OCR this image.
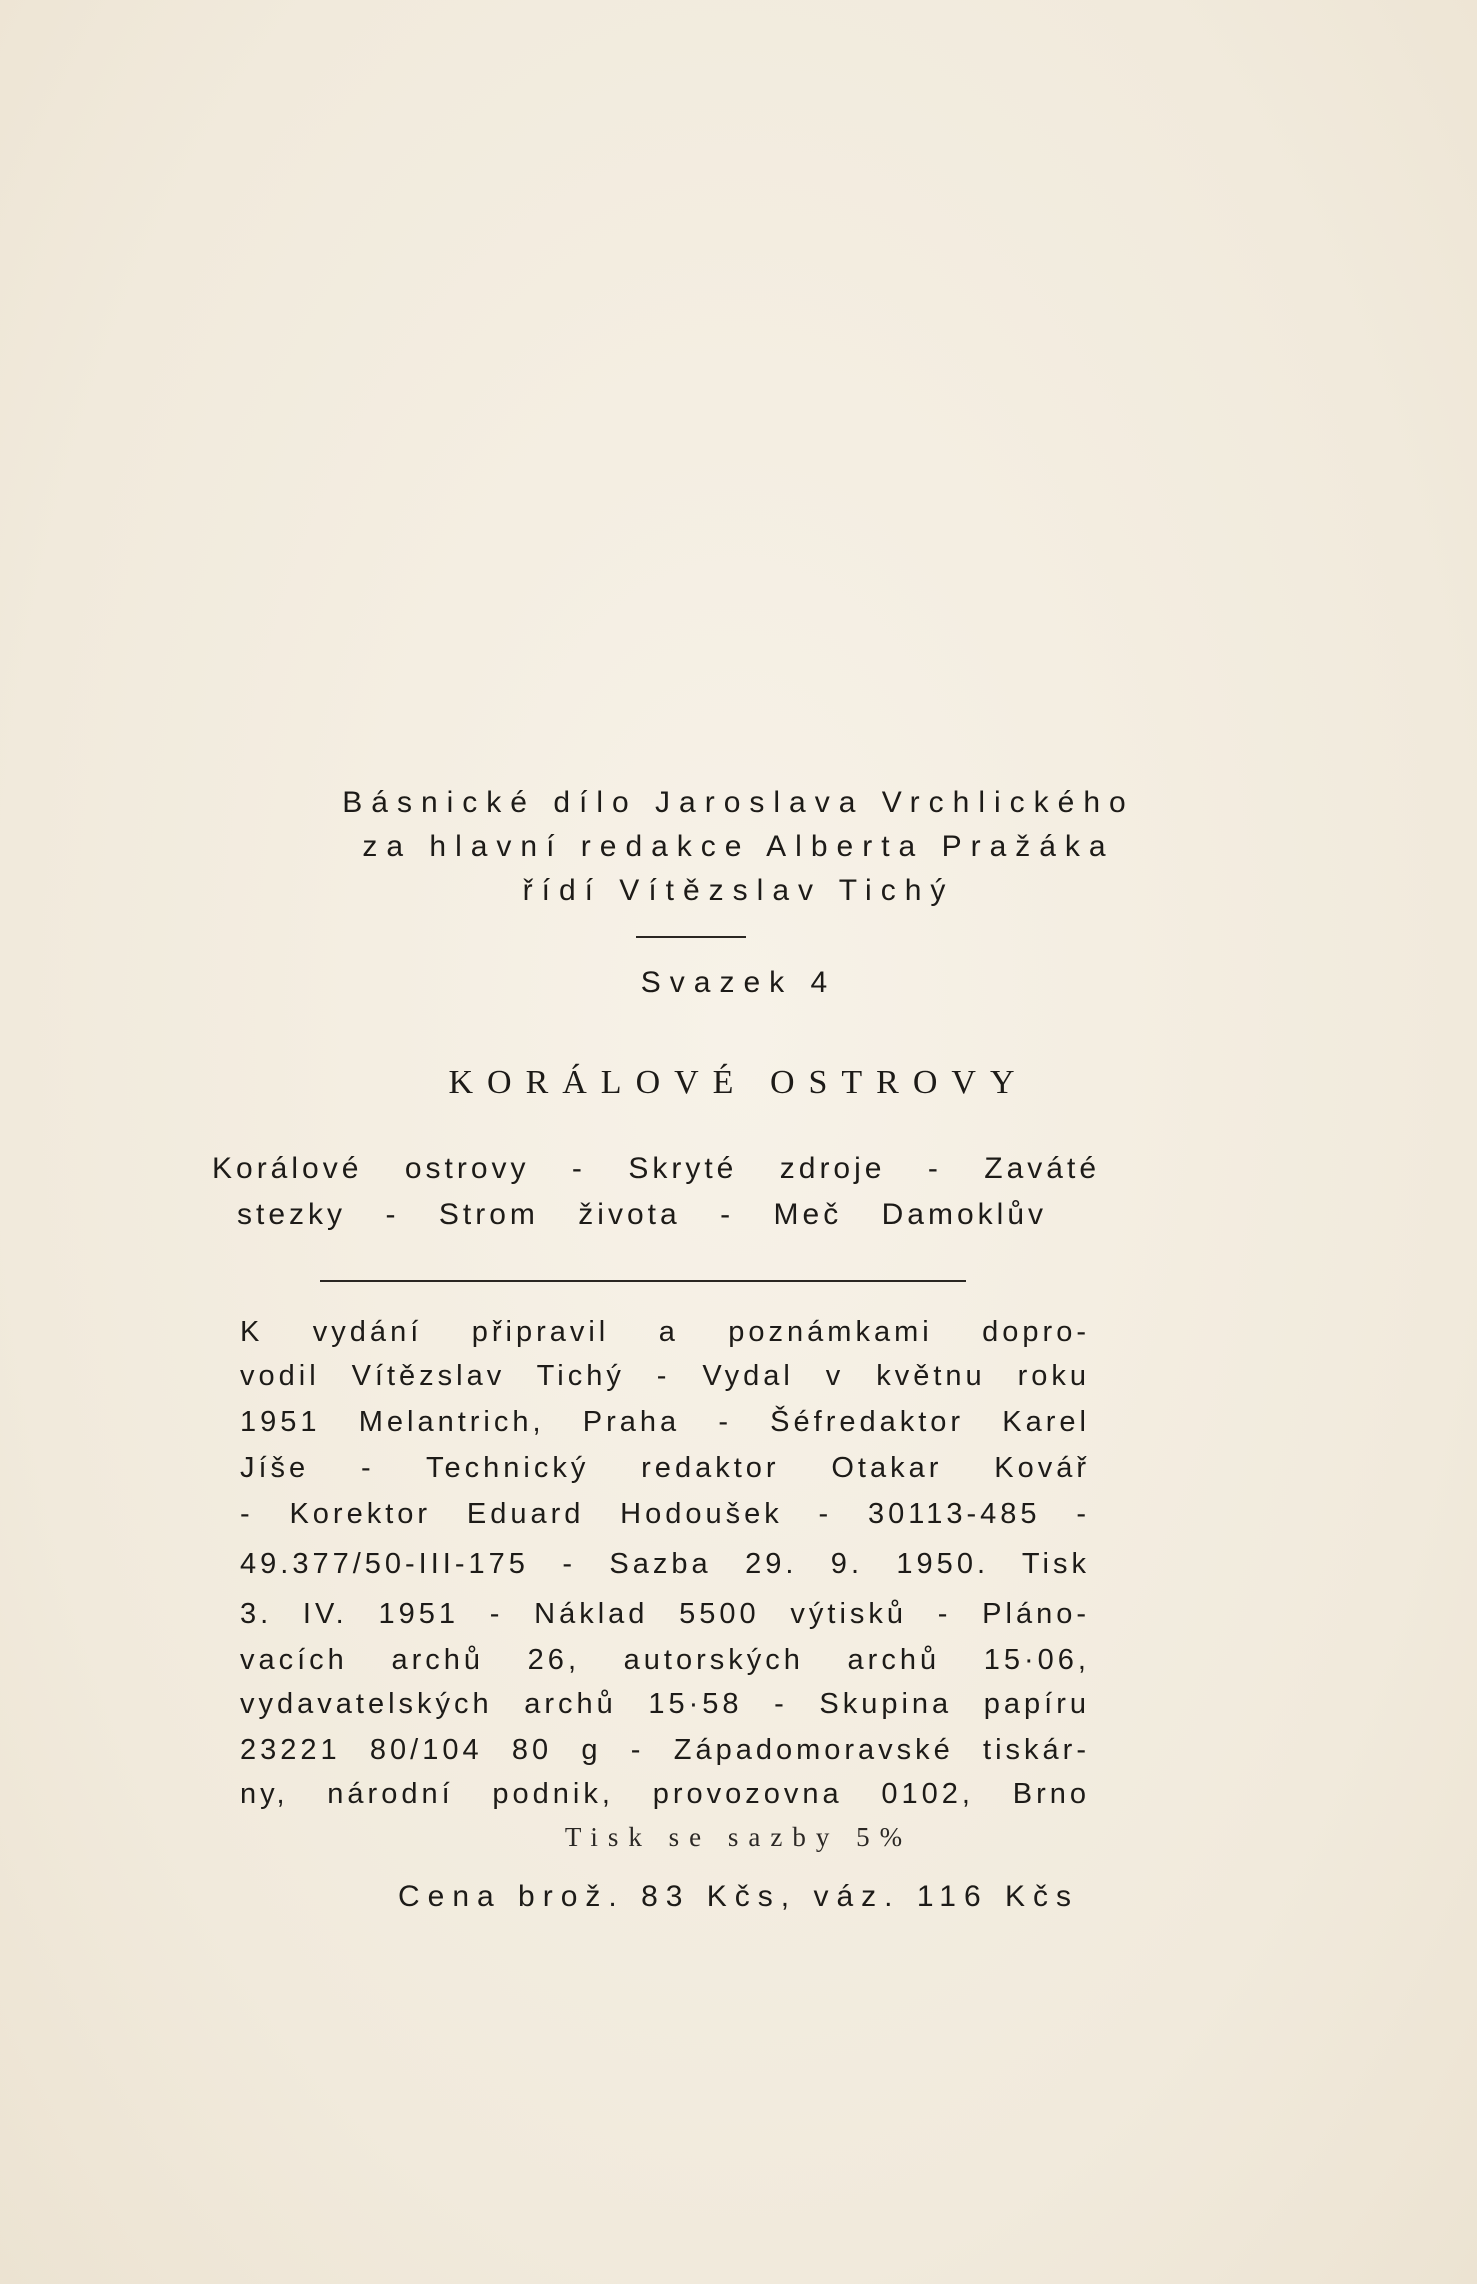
Básnické dílo Jaroslava Vrchlického
za hlavní redakce Alberta Pražáka
řídí Vítězslav Tichý
Svazek 4
KORÁLOVÉ OSTROVY
Korálové ostrovy - Skryté zdroje - Zaváté
stezky - Strom života - Meč Damoklův
K vydání připravil a poznámkami dopro-
vodil Vítězslav Tichý - Vydal v květnu roku
1951 Melantrich, Praha - Šéfredaktor Karel
Jíše - Technický redaktor Otakar Kovář
- Korektor Eduard Hodoušek - 30113-485 -
49.377/50-III-175 - Sazba 29. 9. 1950. Tisk
3. IV. 1951 - Náklad 5500 výtisků - Pláno-
vacích archů 26, autorských archů 15·06,
vydavatelských archů 15·58 - Skupina papíru
23221 80/104 80 g - Západomoravské tiskár-
ny, národní podnik, provozovna 0102, Brno
Tisk se sazby 5%
Cena brož. 83 Kčs, váz. 116 Kčs
